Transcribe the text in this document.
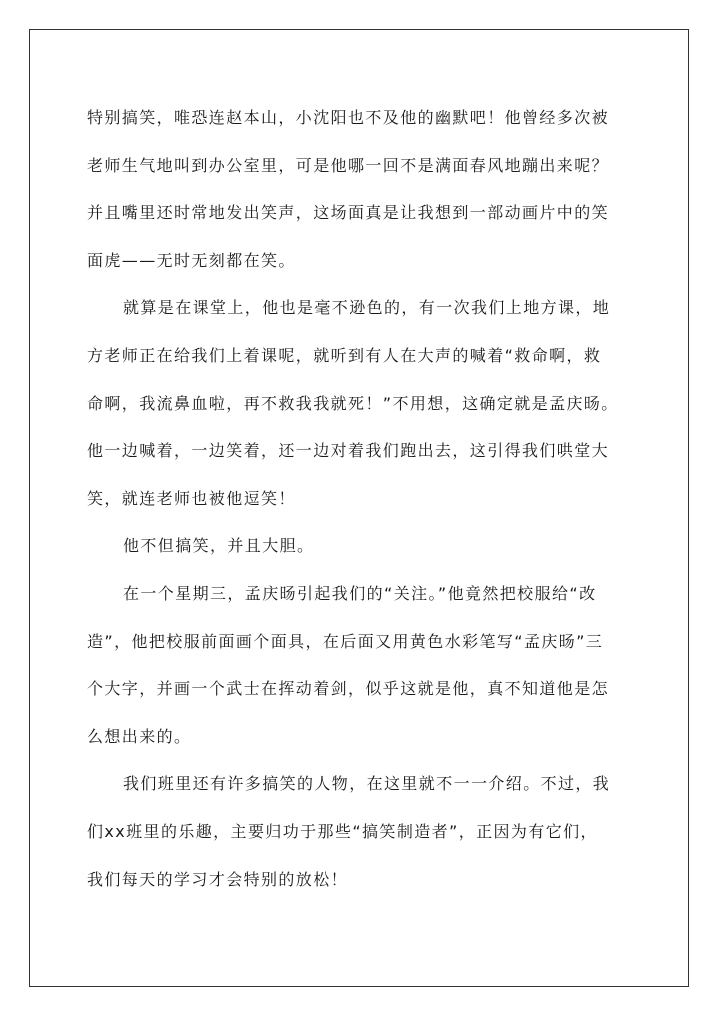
特别搞笑，唯恐连赵本山，小沈阳也不及他的幽默吧！他曾经多次被
老师生气地叫到办公室里，可是他哪一回不是满面春风地蹦出来呢？
并且嘴里还时常地发出笑声，这场面真是让我想到一部动画片中的笑
面虎——无时无刻都在笑。
就算是在课堂上，他也是毫不逊色的，有一次我们上地方课，地
方老师正在给我们上着课呢，就听到有人在大声的喊着“救命啊，救
命啊，我流鼻血啦，再不救我我就死！”不用想，这确定就是孟庆旸。
他一边喊着，一边笑着，还一边对着我们跑出去，这引得我们哄堂大
笑，就连老师也被他逗笑！
他不但搞笑，并且大胆。
在一个星期三，孟庆旸引起我们的“关注。”他竟然把校服给“改
造”，他把校服前面画个面具，在后面又用黄色水彩笔写“孟庆旸”三
个大字，并画一个武士在挥动着剑，似乎这就是他，真不知道他是怎
么想出来的。
我们班里还有许多搞笑的人物，在这里就不一一介绍。不过，我
们xx班里的乐趣，主要归功于那些“搞笑制造者”，正因为有它们，
我们每天的学习才会特别的放松！
